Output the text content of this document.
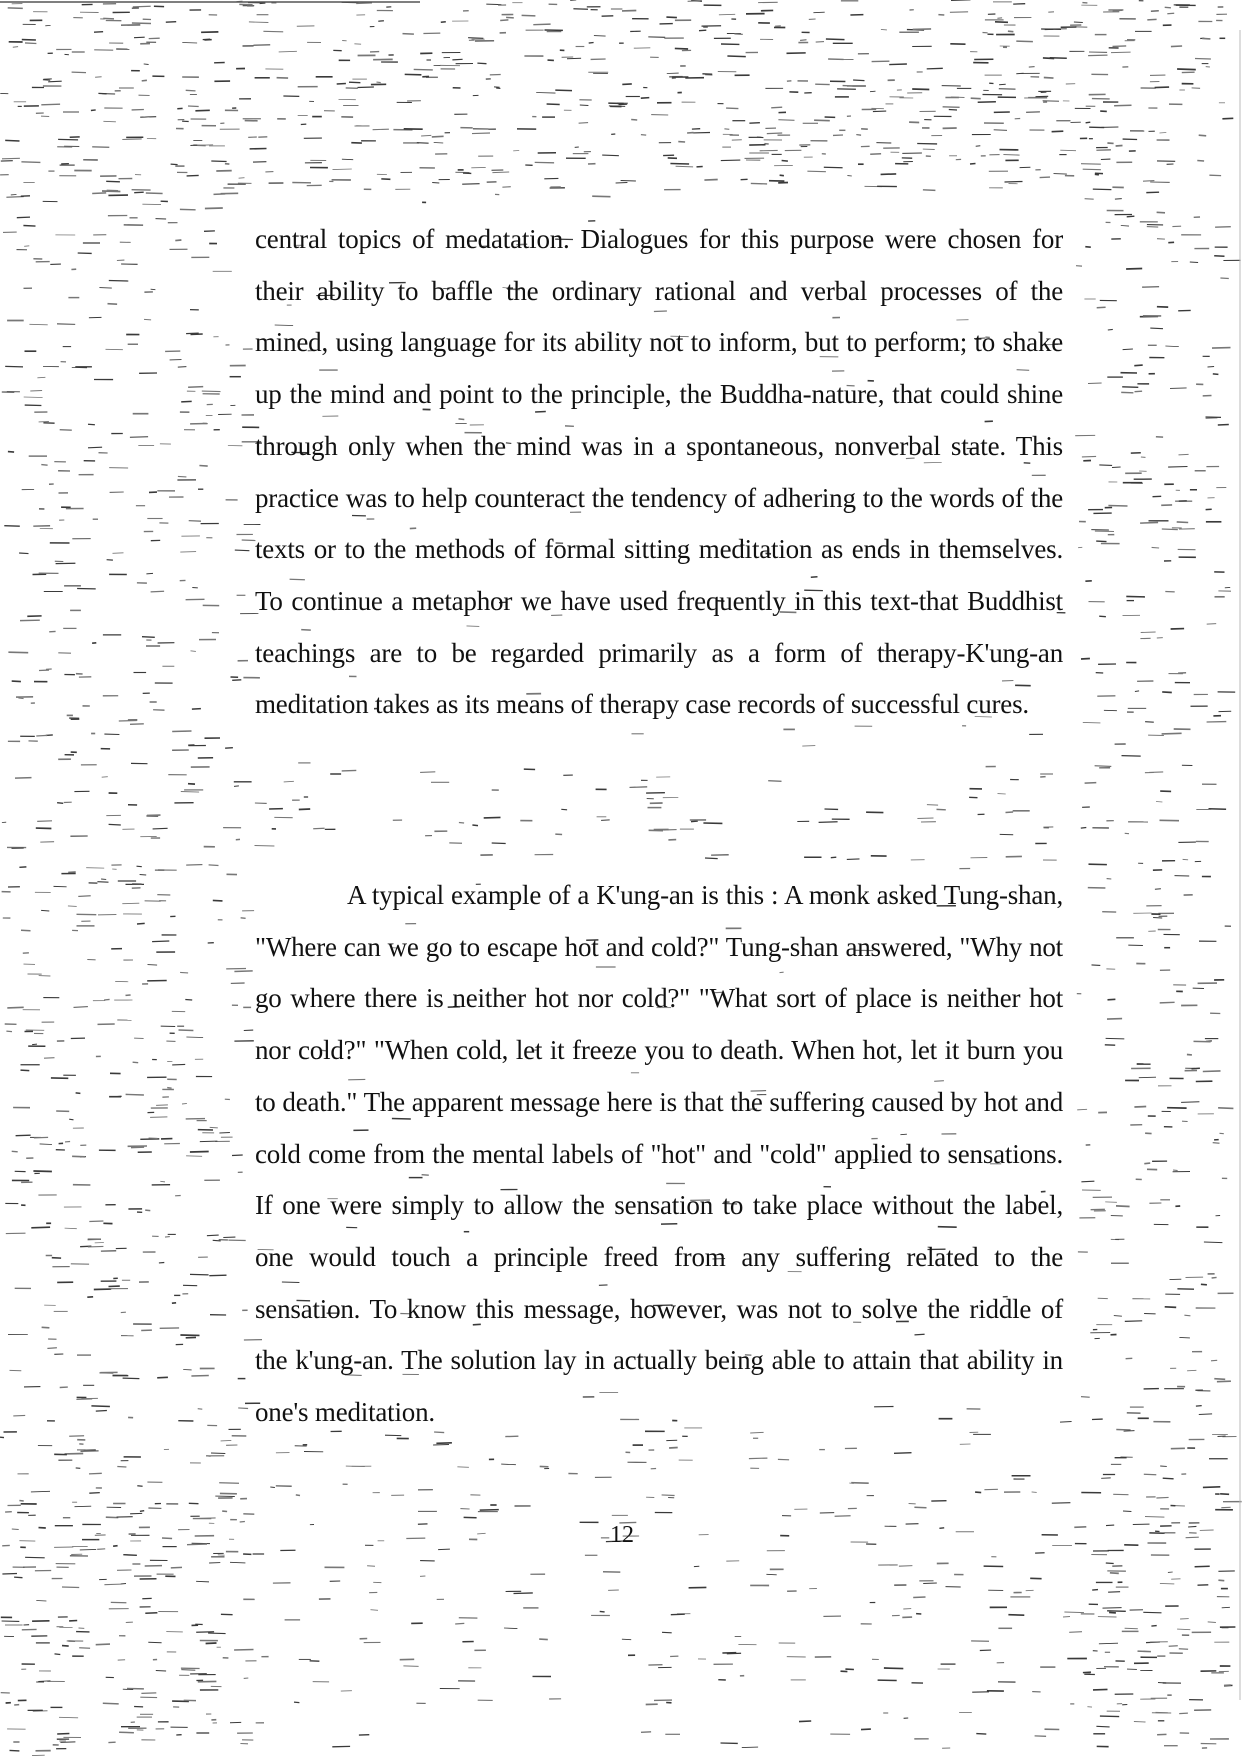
central topics of medatation. Dialogues for this purpose were chosen for their ability to baffle the ordinary rational and verbal processes of the mined, using language for its ability not to inform, but to perform; to shake up the mind and point to the principle, the Buddha-nature, that could shine through only when the mind was in a spontaneous, nonverbal state. This practice was to help counteract the tendency of adhering to the words of the texts or to the methods of formal sitting meditation as ends in themselves. To continue a metaphor we have used frequently in this text-that Buddhist teachings are to be regarded primarily as a form of therapy-K'ung-an meditation takes as its means of therapy case records of successful cures.

A typical example of a K'ung-an is this : A monk asked Tung-shan, "Where can we go to escape hot and cold?" Tung-shan answered, "Why not go where there is neither hot nor cold?" "What sort of place is neither hot nor cold?" "When cold, let it freeze you to death. When hot, let it burn you to death." The apparent message here is that the suffering caused by hot and cold come from the mental labels of "hot" and "cold" applied to sensations. If one were simply to allow the sensation to take place without the label, one would touch a principle freed from any suffering related to the sensation. To know this message, however, was not to solve the riddle of the k'ung-an. The solution lay in actually being able to attain that ability in one's meditation.

12
